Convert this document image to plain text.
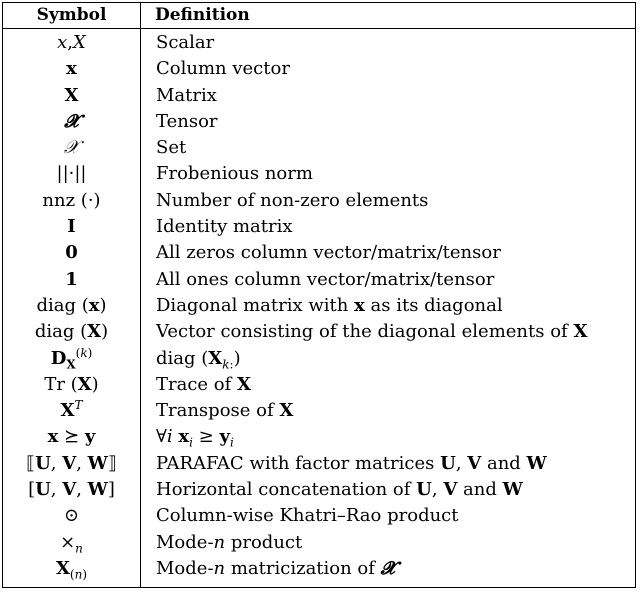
Symbol	Definition
x,X	Scalar
x	Column vector
X	Matrix
𝓧	Tensor
𝒳	Set
||·||	Frobenious norm
nnz (·)	Number of non-zero elements
I	Identity matrix
0	All zeros column vector/matrix/tensor
1	All ones column vector/matrix/tensor
diag (x)	Diagonal matrix with x as its diagonal
diag (X)	Vector consisting of the diagonal elements of X
$D_X^{(k)}$	diag $(X_{k:})$
Tr (X)	Trace of X
$X^T$	Transpose of X
x ⪰ y	∀i $x_i \ge y_i$
⟦U, V, W⟧	PARAFAC with factor matrices U, V and W
[U, V, W]	Horizontal concatenation of U, V and W
⊙	Column-wise Khatri–Rao product
$\times_n$	Mode-n product
$X_{(n)}$	Mode-n matricization of 𝓧
